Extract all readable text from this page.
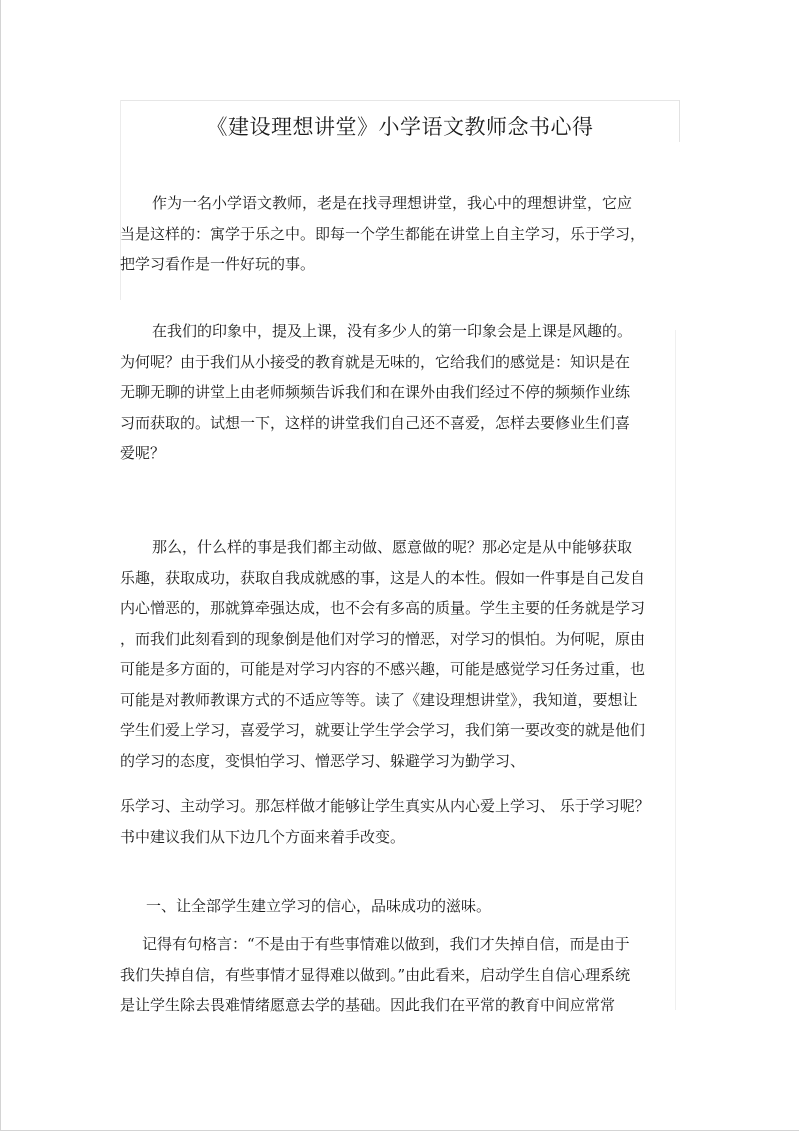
《建设理想讲堂》小学语文教师念书心得
作为一名小学语文教师，老是在找寻理想讲堂，我心中的理想讲堂，它应
当是这样的：寓学于乐之中。即每一个学生都能在讲堂上自主学习，乐于学习，
把学习看作是一件好玩的事。
在我们的印象中，提及上课，没有多少人的第一印象会是上课是风趣的。
为何呢？由于我们从小接受的教育就是无味的，它给我们的感觉是：知识是在
无聊无聊的讲堂上由老师频频告诉我们和在课外由我们经过不停的频频作业练
习而获取的。试想一下，这样的讲堂我们自己还不喜爱，怎样去要修业生们喜
爱呢？
那么，什么样的事是我们都主动做、愿意做的呢？那必定是从中能够获取
乐趣，获取成功，获取自我成就感的事，这是人的本性。假如一件事是自己发自
内心憎恶的，那就算牵强达成，也不会有多高的质量。学生主要的任务就是学习
，而我们此刻看到的现象倒是他们对学习的憎恶，对学习的惧怕。为何呢，原由
可能是多方面的，可能是对学习内容的不感兴趣，可能是感觉学习任务过重，也
可能是对教师教课方式的不适应等等。读了《建设理想讲堂》，我知道，要想让
学生们爱上学习，喜爱学习，就要让学生学会学习，我们第一要改变的就是他们
的学习的态度，变惧怕学习、憎恶学习、躲避学习为勤学习、
乐学习、主动学习。那怎样做才能够让学生真实从内心爱上学习、 乐于学习呢？
书中建议我们从下边几个方面来着手改变。
一、让全部学生建立学习的信心，品味成功的滋味。
记得有句格言：“不是由于有些事情难以做到，我们才失掉自信，而是由于
我们失掉自信，有些事情才显得难以做到。”由此看来，启动学生自信心理系统
是让学生除去畏难情绪愿意去学的基础。因此我们在平常的教育中间应常常
